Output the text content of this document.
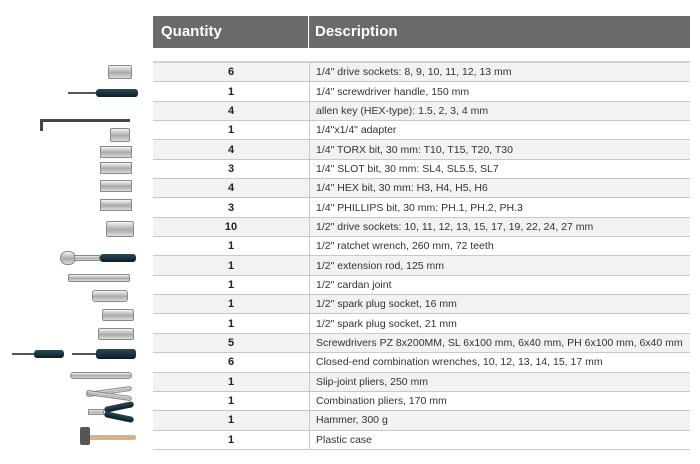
Quantity	Description
6	1/4" drive sockets: 8, 9, 10, 11, 12, 13 mm
1	1/4" screwdriver handle, 150 mm
4	allen key (HEX-type): 1.5, 2, 3, 4 mm
1	1/4"x1/4" adapter
4	1/4" TORX bit, 30 mm: T10, T15, T20, T30
3	1/4" SLOT bit, 30 mm: SL4, SL5.5, SL7
4	1/4" HEX bit, 30 mm: H3, H4, H5, H6
3	1/4" PHILLIPS bit, 30 mm: PH.1, PH.2, PH.3
10	1/2" drive sockets: 10, 11, 12, 13, 15, 17, 19, 22, 24, 27 mm
1	1/2" ratchet wrench, 260 mm, 72 teeth
1	1/2" extension rod, 125 mm
1	1/2" cardan joint
1	1/2" spark plug socket, 16 mm
1	1/2" spark plug socket, 21 mm
5	Screwdrivers PZ 8x200MM, SL 6x100 mm, 6x40 mm, PH 6x100 mm, 6x40 mm
6	Closed-end combination wrenches, 10, 12, 13, 14, 15, 17 mm
1	Slip-joint pliers, 250 mm
1	Combination pliers, 170 mm
1	Hammer, 300 g
1	Plastic case
